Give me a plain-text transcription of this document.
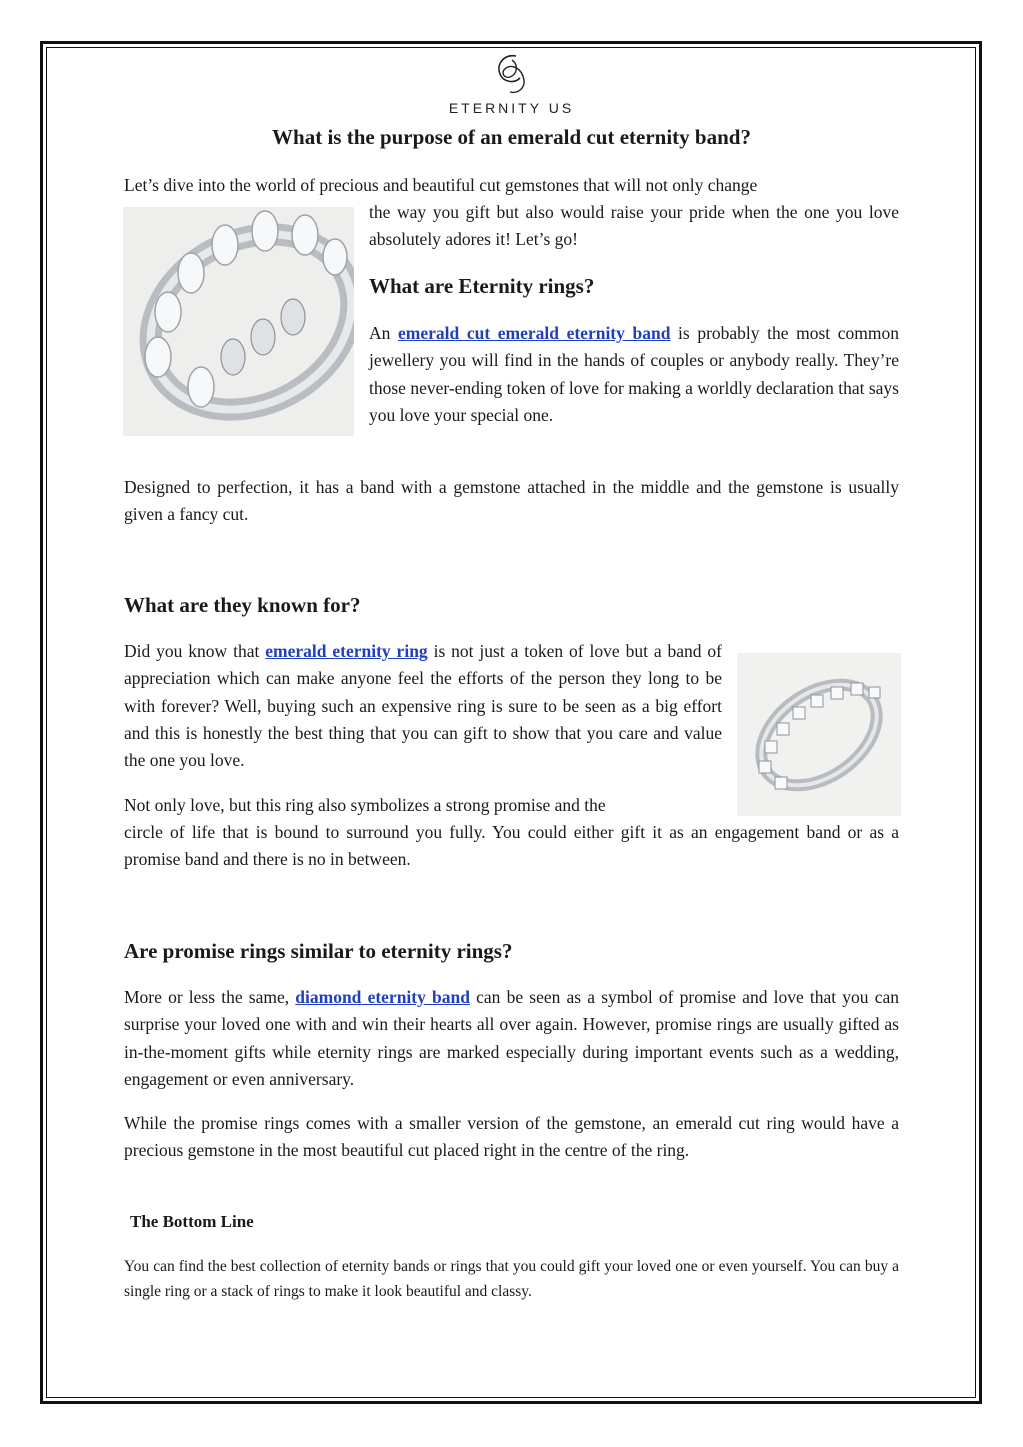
ETERNITY US
What is the purpose of an emerald cut eternity band?

Let’s dive into the world of precious and beautiful cut gemstones that will not only change

the way you gift but also would raise your pride when the one you love absolutely adores it! Let’s go!

What are Eternity rings?

An emerald cut emerald eternity band is probably the most common jewellery you will find in the hands of couples or anybody really. They’re those never-ending token of love for making a worldly declaration that says you love your special one.

Designed to perfection, it has a band with a gemstone attached in the middle and the gemstone is usually given a fancy cut.

What are they known for?

Did you know that emerald eternity ring is not just a token of love but a band of appreciation which can make anyone feel the efforts of the person they long to be with forever? Well, buying such an expensive ring is sure to be seen as a big effort and this is honestly the best thing that you can gift to show that you care and value the one you love.

Not only love, but this ring also symbolizes a strong promise and the

circle of life that is bound to surround you fully. You could either gift it as an engagement band or as a promise band and there is no in between.

Are promise rings similar to eternity rings?

More or less the same, diamond eternity band can be seen as a symbol of promise and love that you can surprise your loved one with and win their hearts all over again. However, promise rings are usually gifted as in-the-moment gifts while eternity rings are marked especially during important events such as a wedding, engagement or even anniversary.

While the promise rings comes with a smaller version of the gemstone, an emerald cut ring would have a precious gemstone in the most beautiful cut placed right in the centre of the ring.

The Bottom Line

You can find the best collection of eternity bands or rings that you could gift your loved one or even yourself. You can buy a single ring or a stack of rings to make it look beautiful and classy.
